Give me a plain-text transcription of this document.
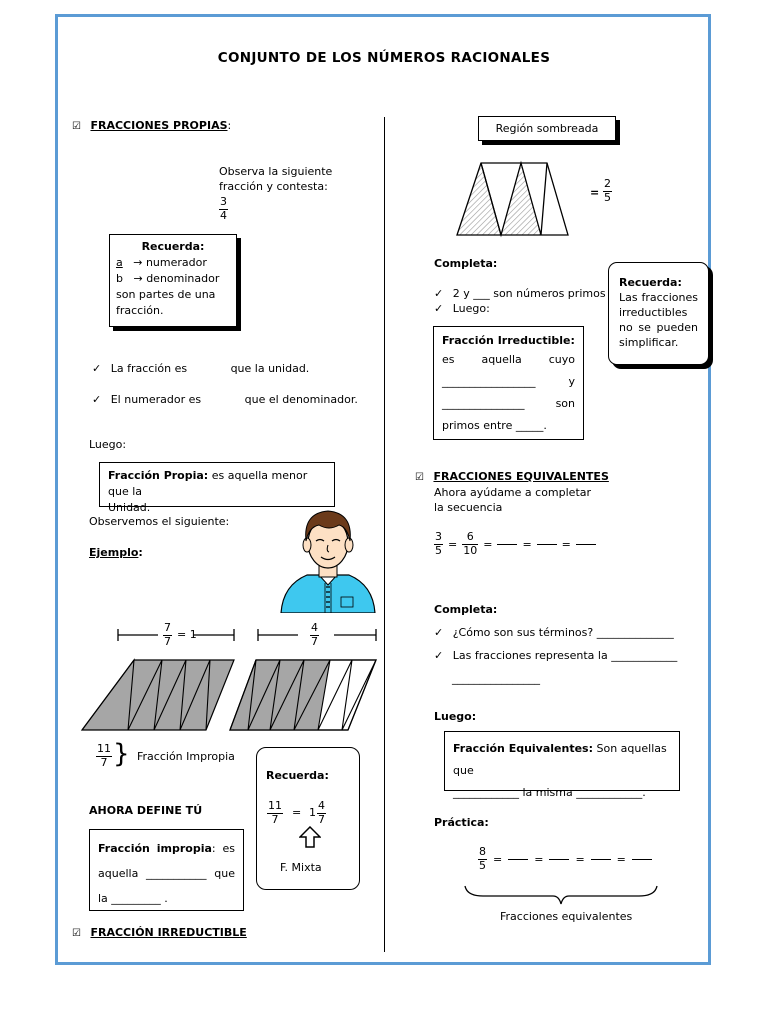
CONJUNTO DE LOS NÚMEROS RACIONALES
☑ FRACCIONES PROPIAS:
Observa la siguiente
fracción y contesta:
$\frac{3}{4}$
Recuerda:
a → numerador
b → denominador
son partes de una
fracción.
✓ La fracción es	que la unidad.
✓ El numerador es	que el denominador.
Luego:
Fracción Propia: es aquella menor que la
Unidad.
Observemos el siguiente:
Ejemplo:
$\frac{7}{7} = 1$	$\frac{4}{7}$
$\frac{11}{7}$ } Fracción Impropia
AHORA DEFINE TÚ
Fracción impropia: es
aquella ___________ que
la _________ .
Recuerda:
$\frac{11}{7} = 1 \frac{4}{7}$
F. Mixta
☑ FRACCIÓN IRREDUCTIBLE
Región sombreada
= $\frac{2}{5}$
Completa:
✓ 2 y ___ son números primos
✓ Luego:
Fracción Irreductible:
es aquella cuyo
_________________	y
_______________	son
primos entre _____.
Recuerda:
Las fracciones irreductibles no se pueden simplificar.
☑ FRACCIONES EQUIVALENTES
Ahora ayúdame a completar
la secuencia
$\frac{3}{5} = \frac{6}{10}$ =	=	=
Completa:
✓ ¿Cómo son sus términos? ______________
✓ Las fracciones representa la ____________
________________
Luego:
Fracción Equivalentes: Son aquellas que
____________ la misma ____________.
Práctica:
$\frac{8}{5}$ =	=	=	=
Fracciones equivalentes
